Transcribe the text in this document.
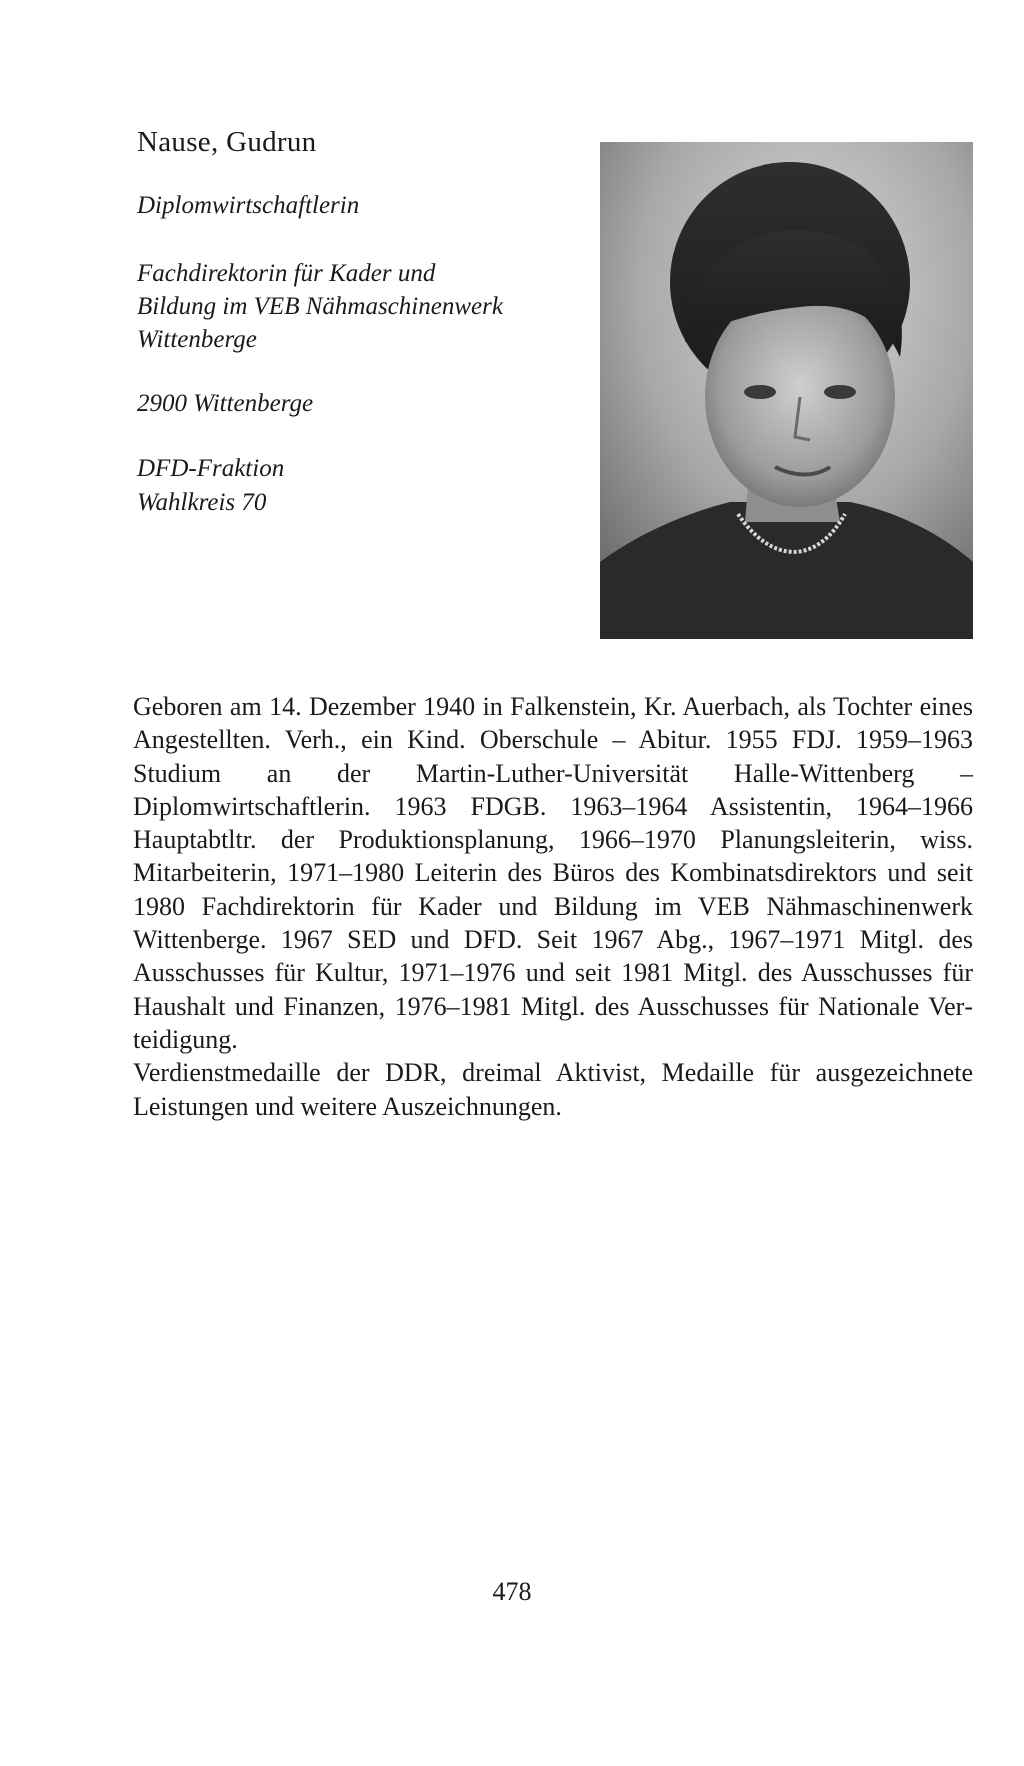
Nause, Gudrun
Diplomwirtschaftlerin
Fachdirektorin für Kader und
Bildung im VEB Nähmaschinenwerk
Wittenberge
2900 Wittenberge
DFD-Fraktion
Wahlkreis 70

Geboren am 14. Dezember 1940 in Falkenstein, Kr. Auerbach, als Tochter eines Angestellten. Verh., ein Kind. Oberschule – Abitur. 1955 FDJ. 1959–1963 Studium an der Martin-Luther-Universität Halle-Wittenberg – Diplomwirtschaftlerin. 1963 FDGB. 1963–1964 Assistentin, 1964–1966 Hauptabtltr. der Produktionsplanung, 1966–1970 Planungsleiterin, wiss. Mitarbeiterin, 1971–1980 Leiterin des Büros des Kombinatsdirektors und seit 1980 Fachdirektorin für Kader und Bildung im VEB Nähmaschinenwerk Wittenberge. 1967 SED und DFD. Seit 1967 Abg., 1967–1971 Mitgl. des Ausschusses für Kultur, 1971–1976 und seit 1981 Mitgl. des Ausschusses für Haushalt und Finanzen, 1976–1981 Mitgl. des Ausschusses für Nationale Verteidigung.

Verdienstmedaille der DDR, dreimal Aktivist, Medaille für ausgezeichnete Leistungen und weitere Auszeichnungen.

478
